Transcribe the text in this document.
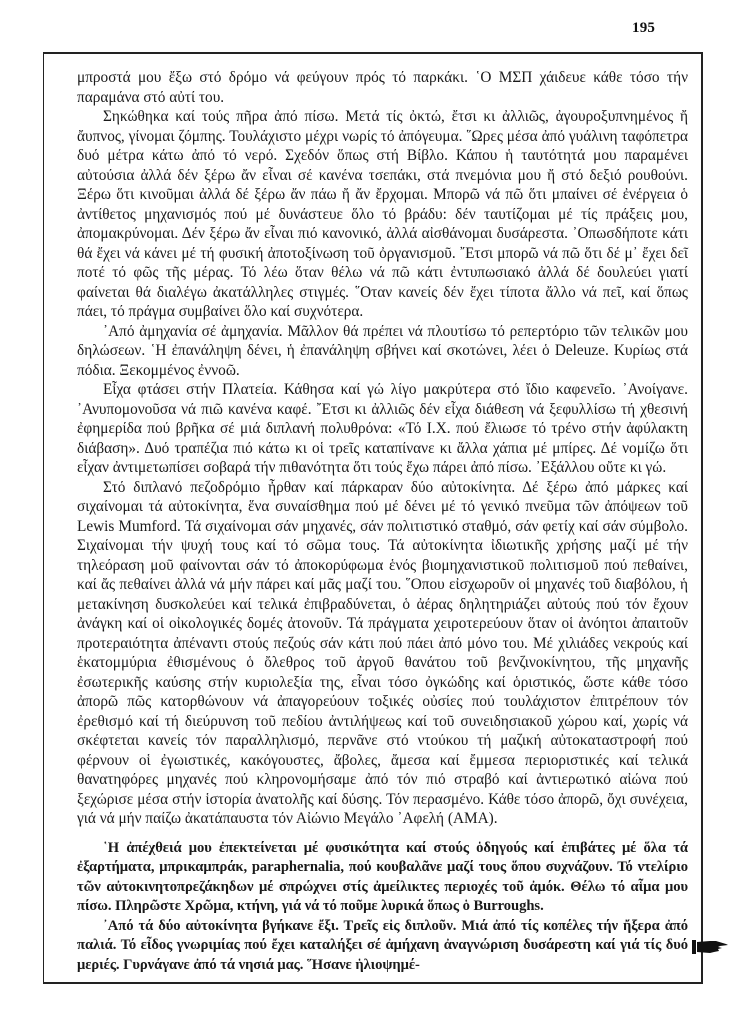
195

μπροστά μου ἔξω στό δρόμο νά φεύγουν πρός τό παρκάκι. ῾Ο ΜΣΠ χάιδευε κάθε τόσο τήν παραμάνα στό αὐτί του.

Σηκώθηκα καί τούς πῆρα ἀπό πίσω. Μετά τίς ὀκτώ, ἔτσι κι ἀλλιῶς, ἀγουροξυπνημένος ἤ ἄυπνος, γίνομαι ζόμπης. Τουλάχιστο μέχρι νωρίς τό ἀπόγευμα. ῞Ωρες μέσα ἀπό γυάλινη ταφόπετρα δυό μέτρα κάτω ἀπό τό νερό. Σχεδόν ὅπως στή Βίβλο. Κάπου ἡ ταυτότητά μου παραμένει αὐτούσια ἀλλά δέν ξέρω ἄν εἶναι σέ κανένα τσεπάκι, στά πνεμόνια μου ἤ στό δεξιό ρουθούνι. Ξέρω ὅτι κινοῦμαι ἀλλά δέ ξέρω ἄν πάω ἤ ἄν ἔρχομαι. Μπορῶ νά πῶ ὅτι μπαίνει σέ ἐνέργεια ὁ ἀντίθετος μηχανισμός πού μέ δυνάστευε ὅλο τό βράδυ: δέν ταυτίζομαι μέ τίς πράξεις μου, ἀπομακρύνομαι. Δέν ξέρω ἄν εἶναι πιό κανονικό, ἀλλά αἰσθάνομαι δυσάρεστα. ᾿Οπωσδήποτε κάτι θά ἔχει νά κάνει μέ τή φυσική ἀποτοξίνωση τοῦ ὀργανισμοῦ. ῎Ετσι μπορῶ νά πῶ ὅτι δέ μ᾿ ἔχει δεῖ ποτέ τό φῶς τῆς μέρας. Τό λέω ὅταν θέλω νά πῶ κάτι ἐντυπωσιακό ἀλλά δέ δουλεύει γιατί φαίνεται θά διαλέγω ἀκατάλληλες στιγμές. ῞Οταν κανείς δέν ἔχει τίποτα ἄλλο νά πεῖ, καί ὅπως πάει, τό πράγμα συμβαίνει ὅλο καί συχνότερα.

᾿Από ἀμηχανία σέ ἀμηχανία. Μᾶλλον θά πρέπει νά πλουτίσω τό ρεπερτόριο τῶν τελικῶν μου δηλώσεων. ῾Η ἐπανάληψη δένει, ἡ ἐπανάληψη σβήνει καί σκοτώνει, λέει ὁ Deleuze. Κυρίως στά πόδια. Ξεκομμένος ἐννοῶ.

Εἶχα φτάσει στήν Πλατεία. Κάθησα καί γώ λίγο μακρύτερα στό ἴδιο καφενεῖο. ᾿Ανοίγανε. ᾿Ανυπομονοῦσα νά πιῶ κανένα καφέ. ῎Ετσι κι ἀλλιῶς δέν εἶχα διάθεση νά ξεφυλλίσω τή χθεσινή ἐφημερίδα πού βρῆκα σέ μιά διπλανή πολυθρόνα: «Τό Ι.Χ. πού ἔλιωσε τό τρένο στήν ἀφύλακτη διάβαση». Δυό τραπέζια πιό κάτω κι οἱ τρεῖς καταπίνανε κι ἄλλα χάπια μέ μπίρες. Δέ νομίζω ὅτι εἶχαν ἀντιμετωπίσει σοβαρά τήν πιθανότητα ὅτι τούς ἔχω πάρει ἀπό πίσω. ᾿Εξάλλου οὔτε κι γώ.

Στό διπλανό πεζοδρόμιο ἦρθαν καί πάρκαραν δύο αὐτοκίνητα. Δέ ξέρω ἀπό μάρκες καί σιχαίνομαι τά αὐτοκίνητα, ἕνα συναίσθημα πού μέ δένει μέ τό γενικό πνεῦμα τῶν ἀπόψεων τοῦ Lewis Mumford. Τά σιχαίνομαι σάν μηχανές, σάν πολιτιστικό σταθμό, σάν φετίχ καί σάν σύμβολο. Σιχαίνομαι τήν ψυχή τους καί τό σῶμα τους. Τά αὐτοκίνητα ἰδιωτικῆς χρήσης μαζί μέ τήν τηλεόραση μοῦ φαίνονται σάν τό ἀποκορύφωμα ἑνός βιομηχανιστικοῦ πολιτισμοῦ πού πεθαίνει, καί ἄς πεθαίνει ἀλλά νά μήν πάρει καί μᾶς μαζί του. ῞Οπου εἰσχωροῦν οἱ μηχανές τοῦ διαβόλου, ἡ μετακίνηση δυσκολεύει καί τελικά ἐπιβραδύνεται, ὁ ἀέρας δηλητηριάζει αὐτούς πού τόν ἔχουν ἀνάγκη καί οἱ οἰκολογικές δομές ἀτονοῦν. Τά πράγματα χειροτερεύουν ὅταν οἱ ἀνόητοι ἀπαιτοῦν προτεραιότητα ἀπέναντι στούς πεζούς σάν κάτι πού πάει ἀπό μόνο του. Μέ χιλιάδες νεκρούς καί ἑκατομμύρια ἐθισμένους ὁ ὄλεθρος τοῦ ἀργοῦ θανάτου τοῦ βενζινοκίνητου, τῆς μηχανῆς ἐσωτερικῆς καύσης στήν κυριολεξία της, εἶναι τόσο ὀγκώδης καί ὁριστικός, ὥστε κάθε τόσο ἀπορῶ πῶς κατορθώνουν νά ἀπαγορεύουν τοξικές οὐσίες πού τουλάχιστον ἐπιτρέπουν τόν ἐρεθισμό καί τή διεύρυνση τοῦ πεδίου ἀντιλήψεως καί τοῦ συνειδησιακοῦ χώρου καί, χωρίς νά σκέφτεται κανείς τόν παραλληλισμό, περνᾶνε στό ντούκου τή μαζική αὐτοκαταστροφή πού φέρνουν οἱ ἐγωιστικές, κακόγουστες, ἄβολες, ἄμεσα καί ἔμμεσα περιοριστικές καί τελικά θανατηφόρες μηχανές πού κληρονομήσαμε ἀπό τόν πιό στραβό καί ἀντιερωτικό αἰώνα πού ξεχώρισε μέσα στήν ἱστορία ἀνατολῆς καί δύσης. Τόν περασμένο. Κάθε τόσο ἀπορῶ, ὄχι συνέχεια, γιά νά μήν παίζω ἀκατάπαυστα τόν Αἰώνιο Μεγάλο ᾿Αφελή (ΑΜΑ).

῾Η ἀπέχθειά μου ἐπεκτείνεται μέ φυσικότητα καί στούς ὁδηγούς καί ἐπιβάτες μέ ὅλα τά ἐξαρτήματα, μπρικαμπράκ, paraphernalia, πού κουβαλᾶνε μαζί τους ὅπου συχνάζουν. Τό ντελίριο τῶν αὐτοκινητοπρεζάκηδων μέ σπρώχνει στίς ἀμείλικτες περιοχές τοῦ ἀμόκ. Θέλω τό αἷμα μου πίσω. Πληρῶστε Χρῶμα, κτήνη, γιά νά τό ποῦμε λυρικά ὅπως ὁ Burroughs.

᾿Από τά δύο αὐτοκίνητα βγήκανε ἔξι. Τρεῖς εἰς διπλοῦν. Μιά ἀπό τίς κοπέλες τήν ἤξερα ἀπό παλιά. Τό εἶδος γνωριμίας πού ἔχει καταλήξει σέ ἀμήχανη ἀναγνώριση δυσάρεστη καί γιά τίς δυό μεριές. Γυρνάγανε ἀπό τά νησιά μας. ῞Ησανε ἡλιοψημέ-
